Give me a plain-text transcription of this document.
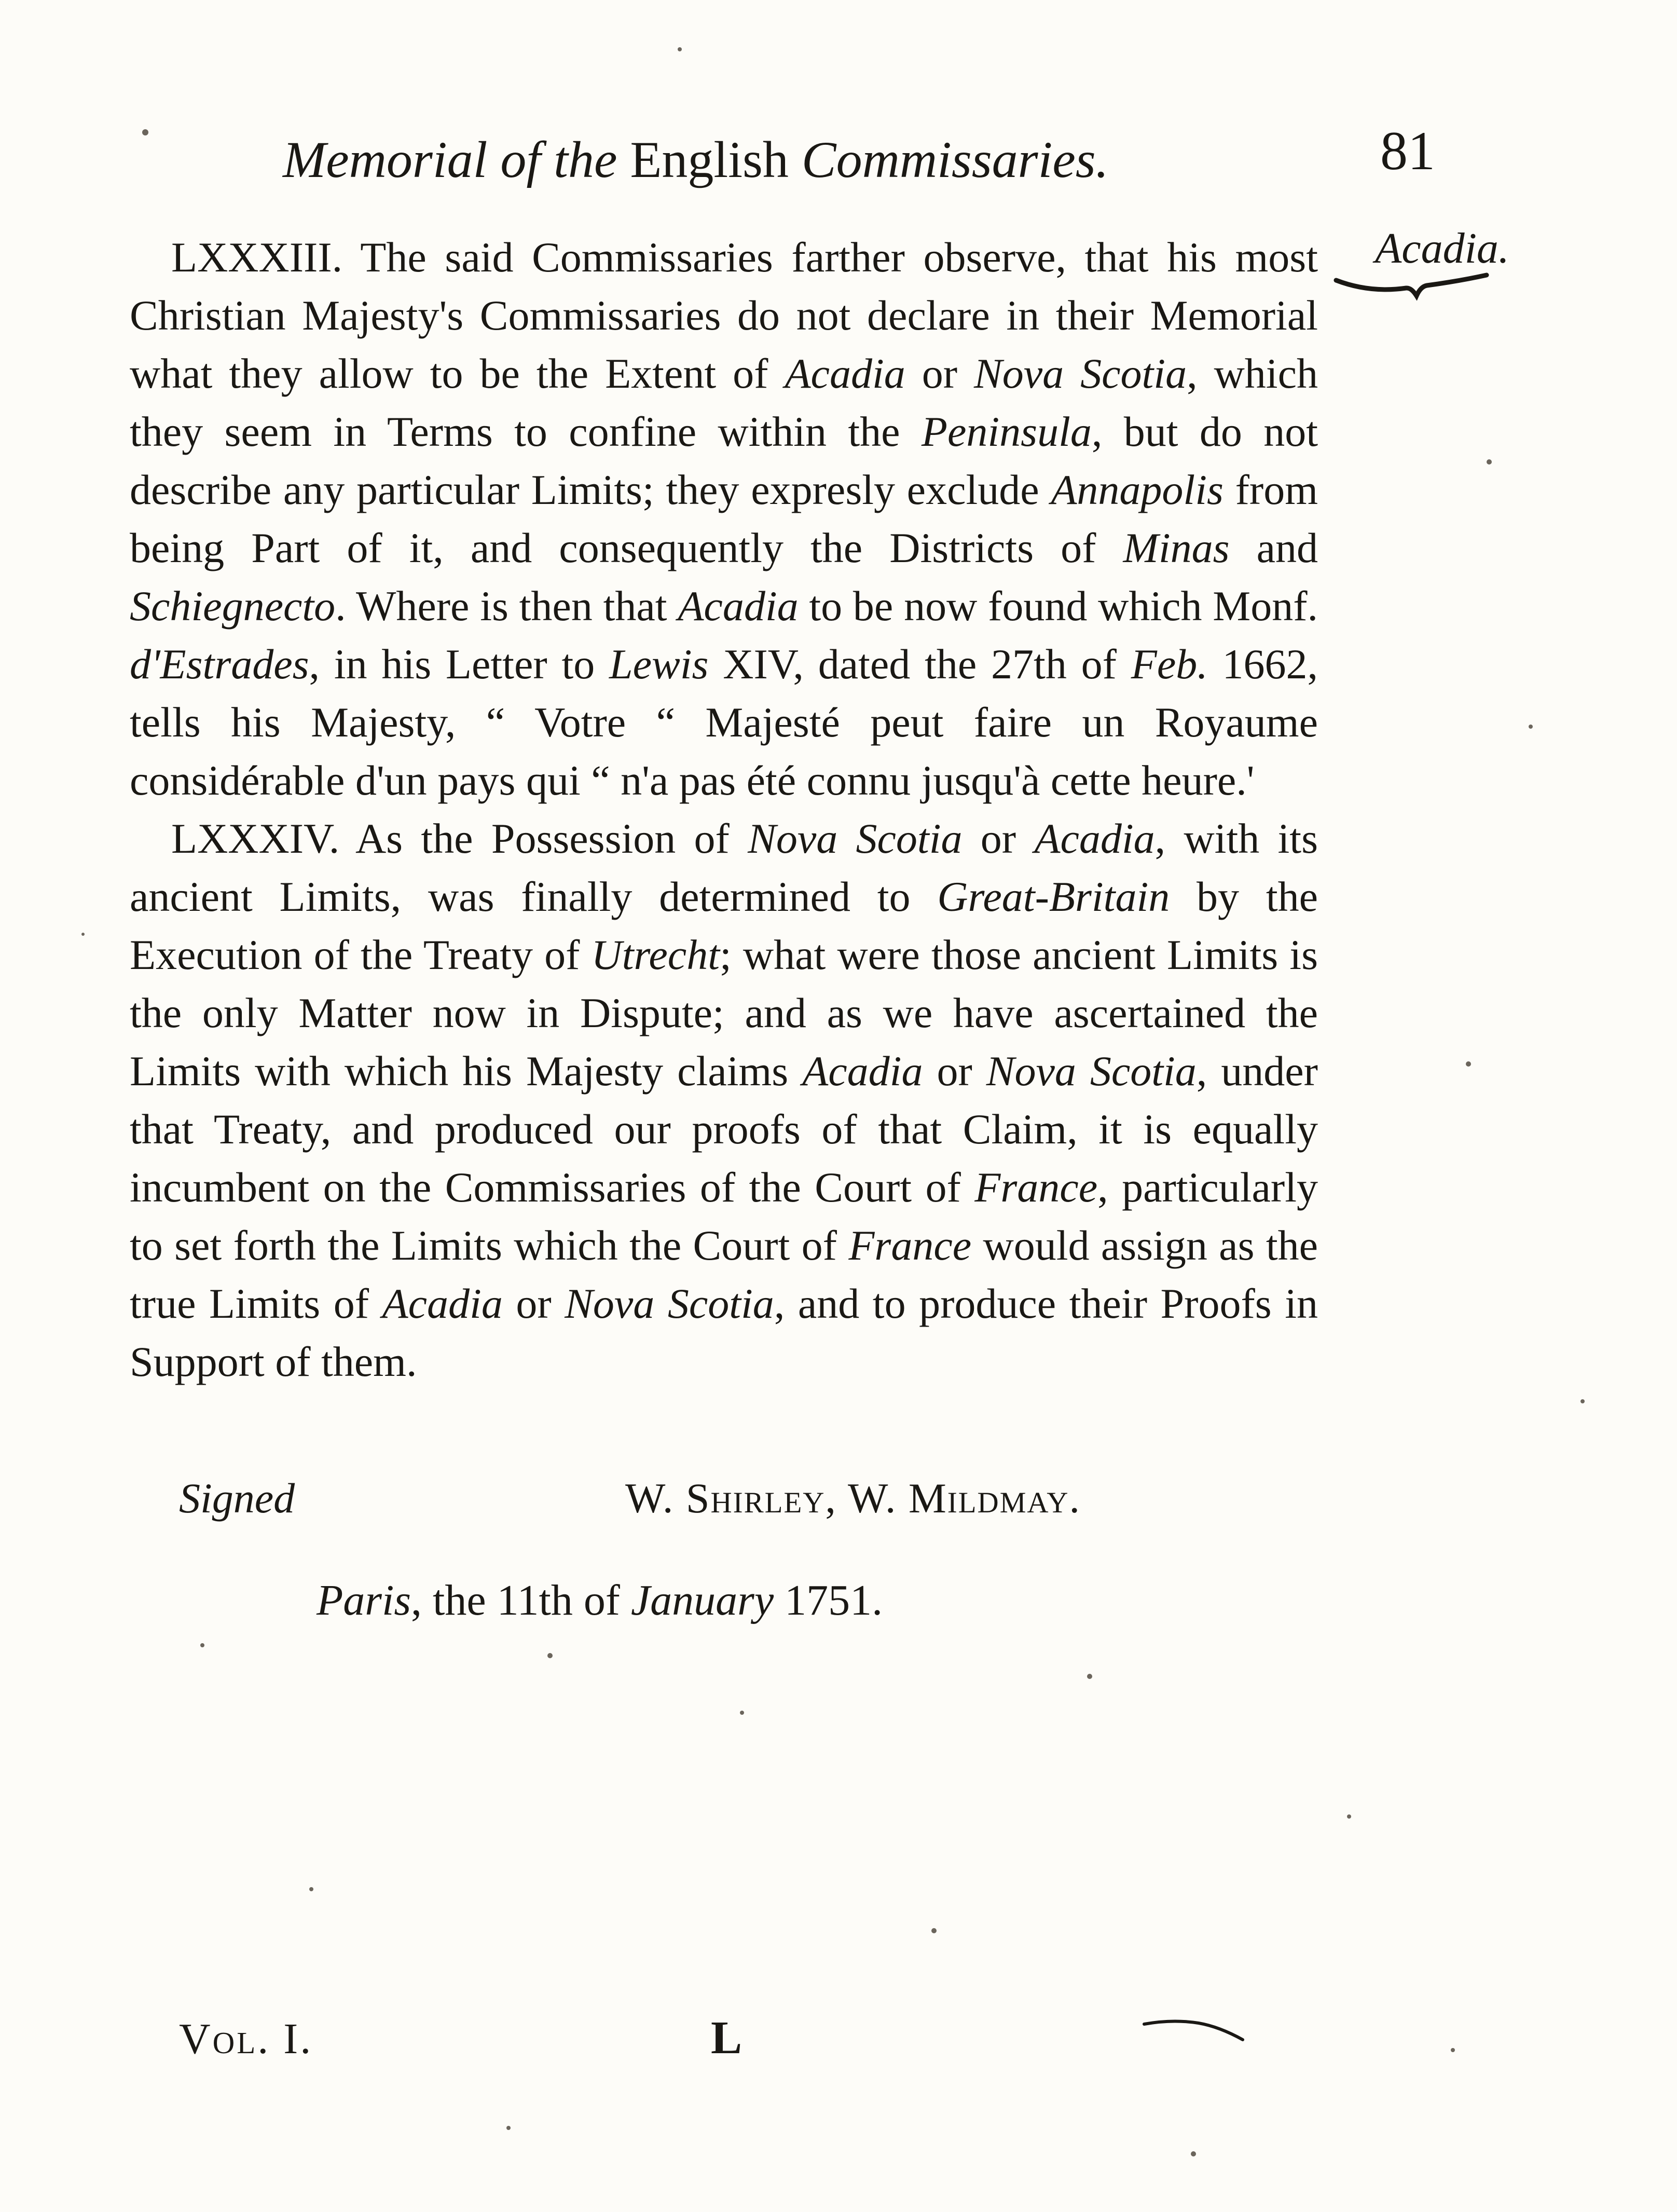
Memorial of the English Commissaries.	81
Acadia.

LXXXIII. The said Commissaries farther observe, that his most Christian Majesty's Commissaries do not declare in their Memorial what they allow to be the Extent of Acadia or Nova Scotia, which they seem in Terms to confine within the Peninsula, but do not describe any particular Limits; they expresly exclude Annapolis from being Part of it, and consequently the Districts of Minas and Schiegnecto. Where is then that Acadia to be now found which Monf. d'Estrades, in his Letter to Lewis XIV, dated the 27th of Feb. 1662, tells his Majesty, “ Votre “ Majesté peut faire un Royaume considérable d'un pays qui “ n'a pas été connu jusqu'à cette heure.'

LXXXIV. As the Possession of Nova Scotia or Acadia, with its ancient Limits, was finally determined to Great-Britain by the Execution of the Treaty of Utrecht; what were those ancient Limits is the only Matter now in Dispute; and as we have ascertained the Limits with which his Majesty claims Acadia or Nova Scotia, under that Treaty, and produced our proofs of that Claim, it is equally incumbent on the Commissaries of the Court of France, particularly to set forth the Limits which the Court of France would assign as the true Limits of Acadia or Nova Scotia, and to produce their Proofs in Support of them.

Signed	W. Shirley, W. Mildmay.
Paris, the 11th of January 1751.
Vol. I.	L
